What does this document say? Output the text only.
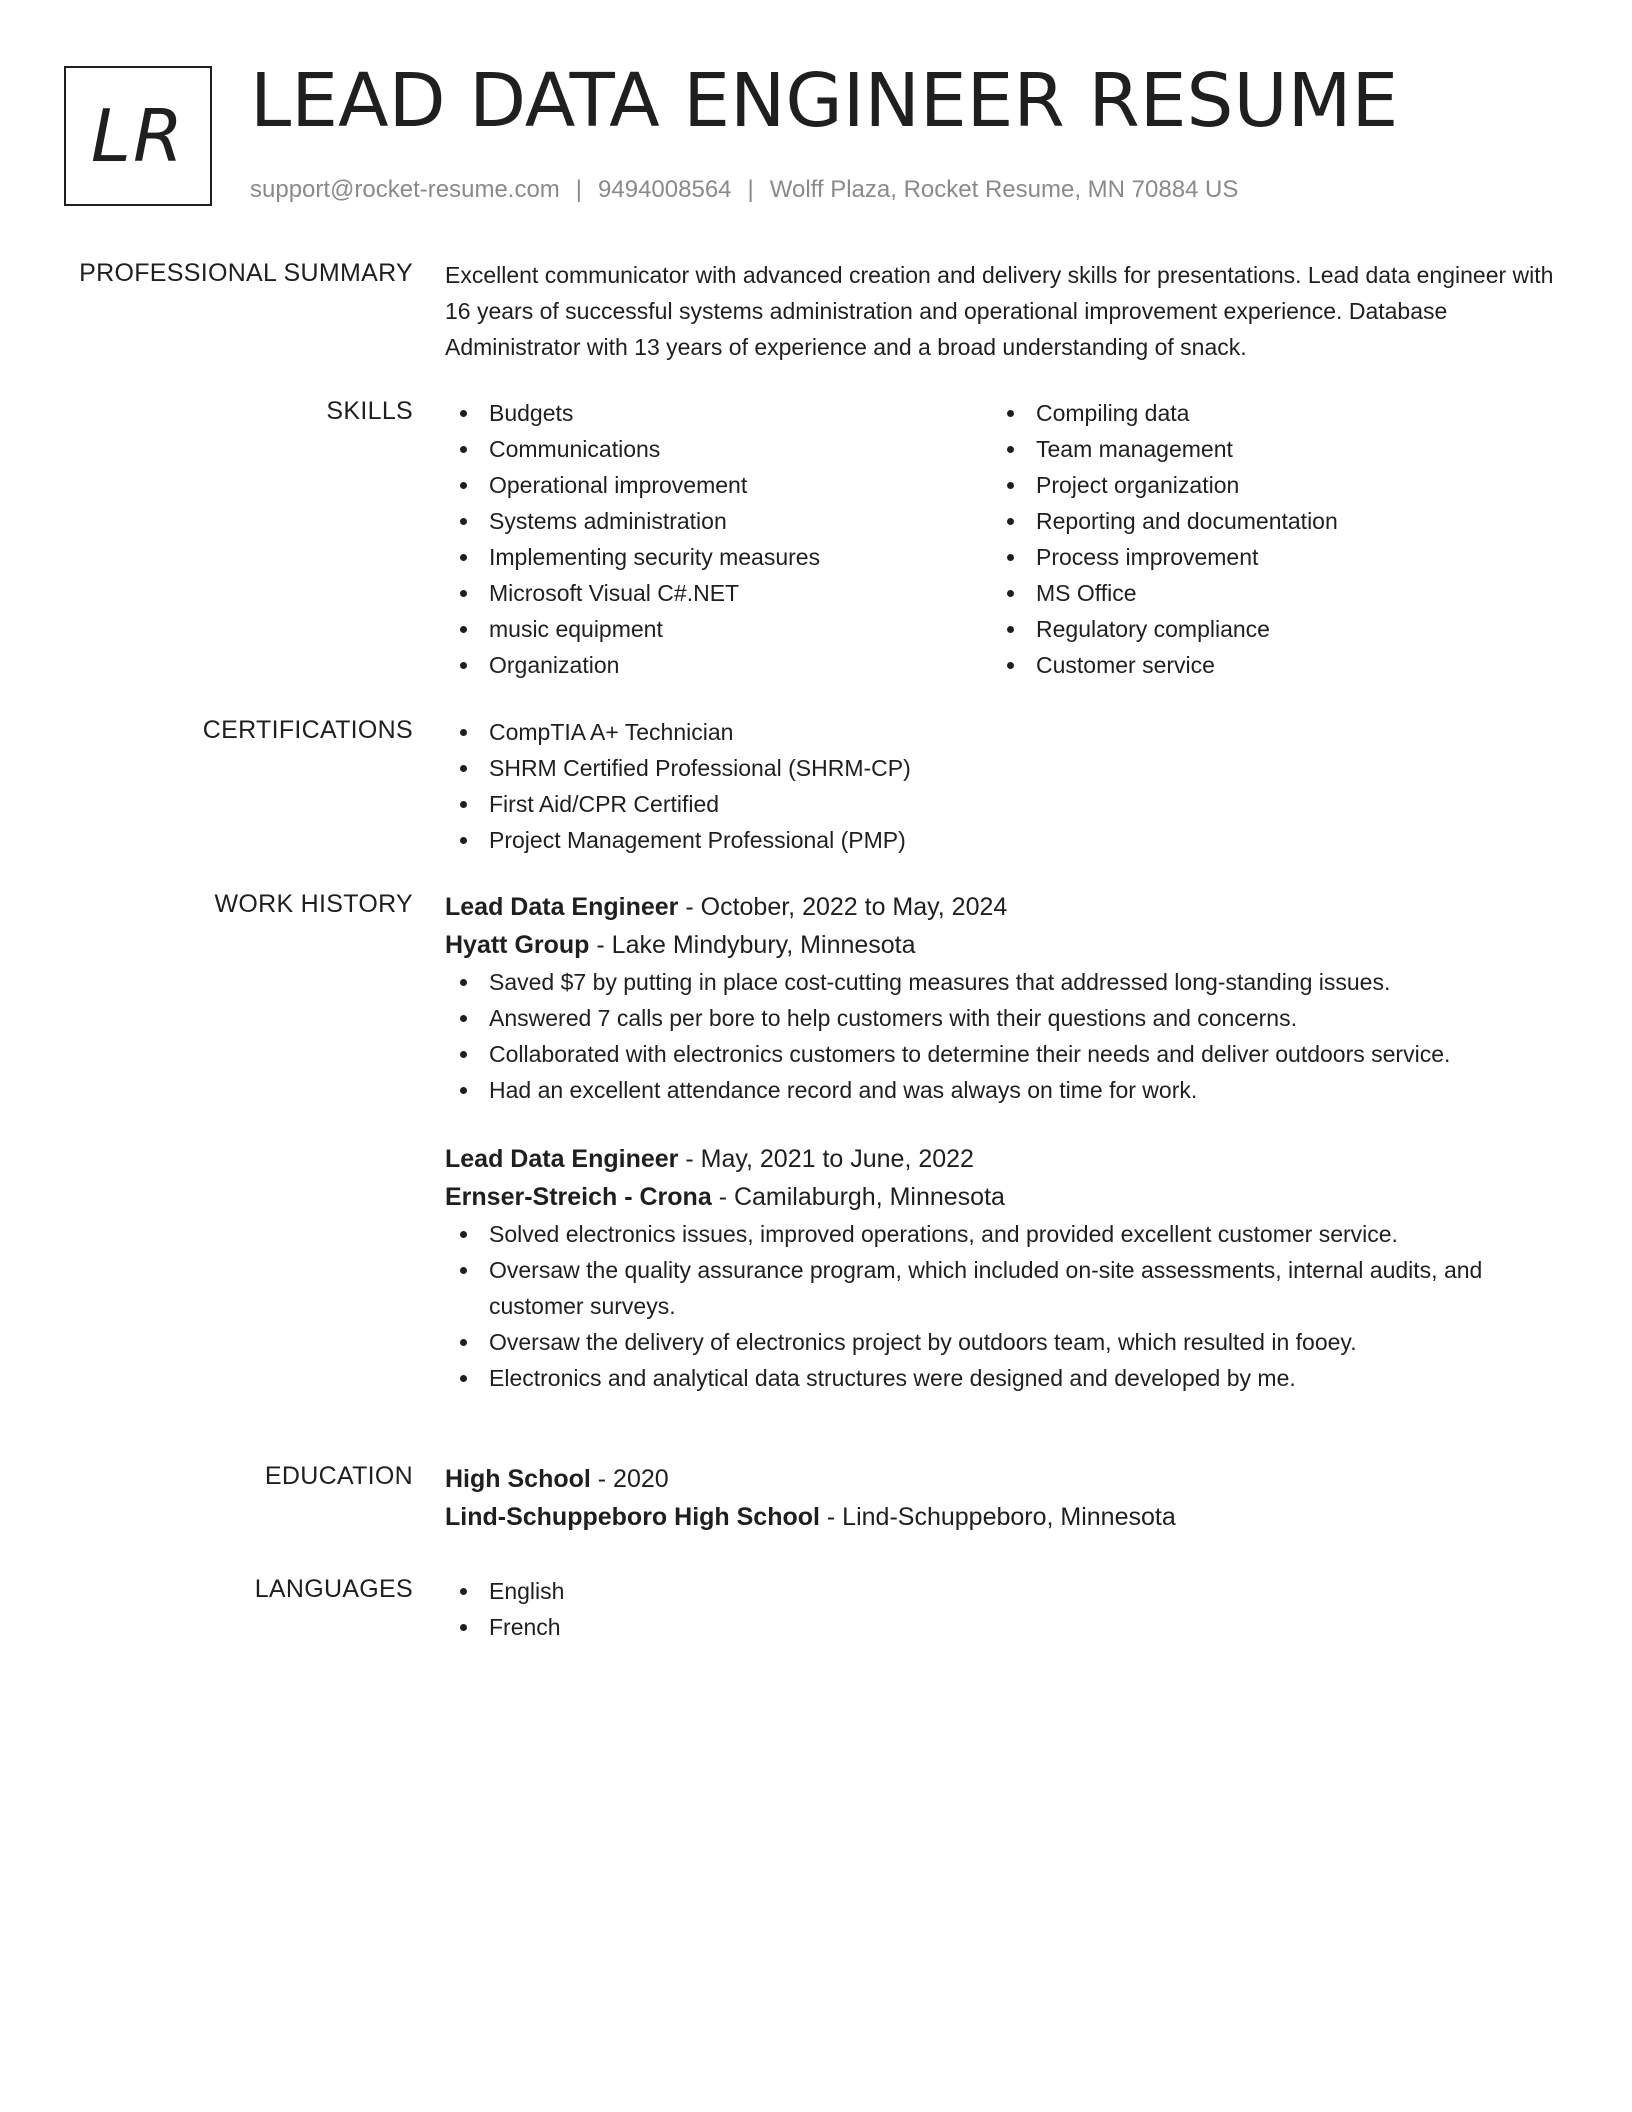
LR LEAD DATA ENGINEER RESUME
support@rocket-resume.com | 9494008564 | Wolff Plaza, Rocket Resume, MN 70884 US
PROFESSIONAL SUMMARY Excellent communicator with advanced creation and delivery skills for presentations. Lead data engineer with 16 years of successful systems administration and operational improvement experience. Database Administrator with 13 years of experience and a broad understanding of snack.

SKILLS	Budgets
Communications
Operational improvement
Systems administration
Implementing security measures
Microsoft Visual C#.NET
music equipment
Organization
Compiling data
Team management
Project organization
Reporting and documentation
Process improvement
MS Office
Regulatory compliance
Customer service
CERTIFICATIONS	CompTIA A+ Technician
SHRM Certified Professional (SHRM-CP)
First Aid/CPR Certified
Project Management Professional (PMP)
WORK HISTORY Lead Data Engineer - October, 2022 to May, 2024
Hyatt Group - Lake Mindybury, Minnesota
Saved $7 by putting in place cost-cutting measures that addressed long-standing issues.
Answered 7 calls per bore to help customers with their questions and concerns.
Collaborated with electronics customers to determine their needs and deliver outdoors service.
Had an excellent attendance record and was always on time for work.
Lead Data Engineer - May, 2021 to June, 2022
Ernser-Streich - Crona - Camilaburgh, Minnesota
Solved electronics issues, improved operations, and provided excellent customer service.
Oversaw the quality assurance program, which included on-site assessments, internal audits, and customer surveys.
Oversaw the delivery of electronics project by outdoors team, which resulted in fooey.
Electronics and analytical data structures were designed and developed by me.
EDUCATION High School - 2020
Lind-Schuppeboro High School - Lind-Schuppeboro, Minnesota
LANGUAGES	English
French
